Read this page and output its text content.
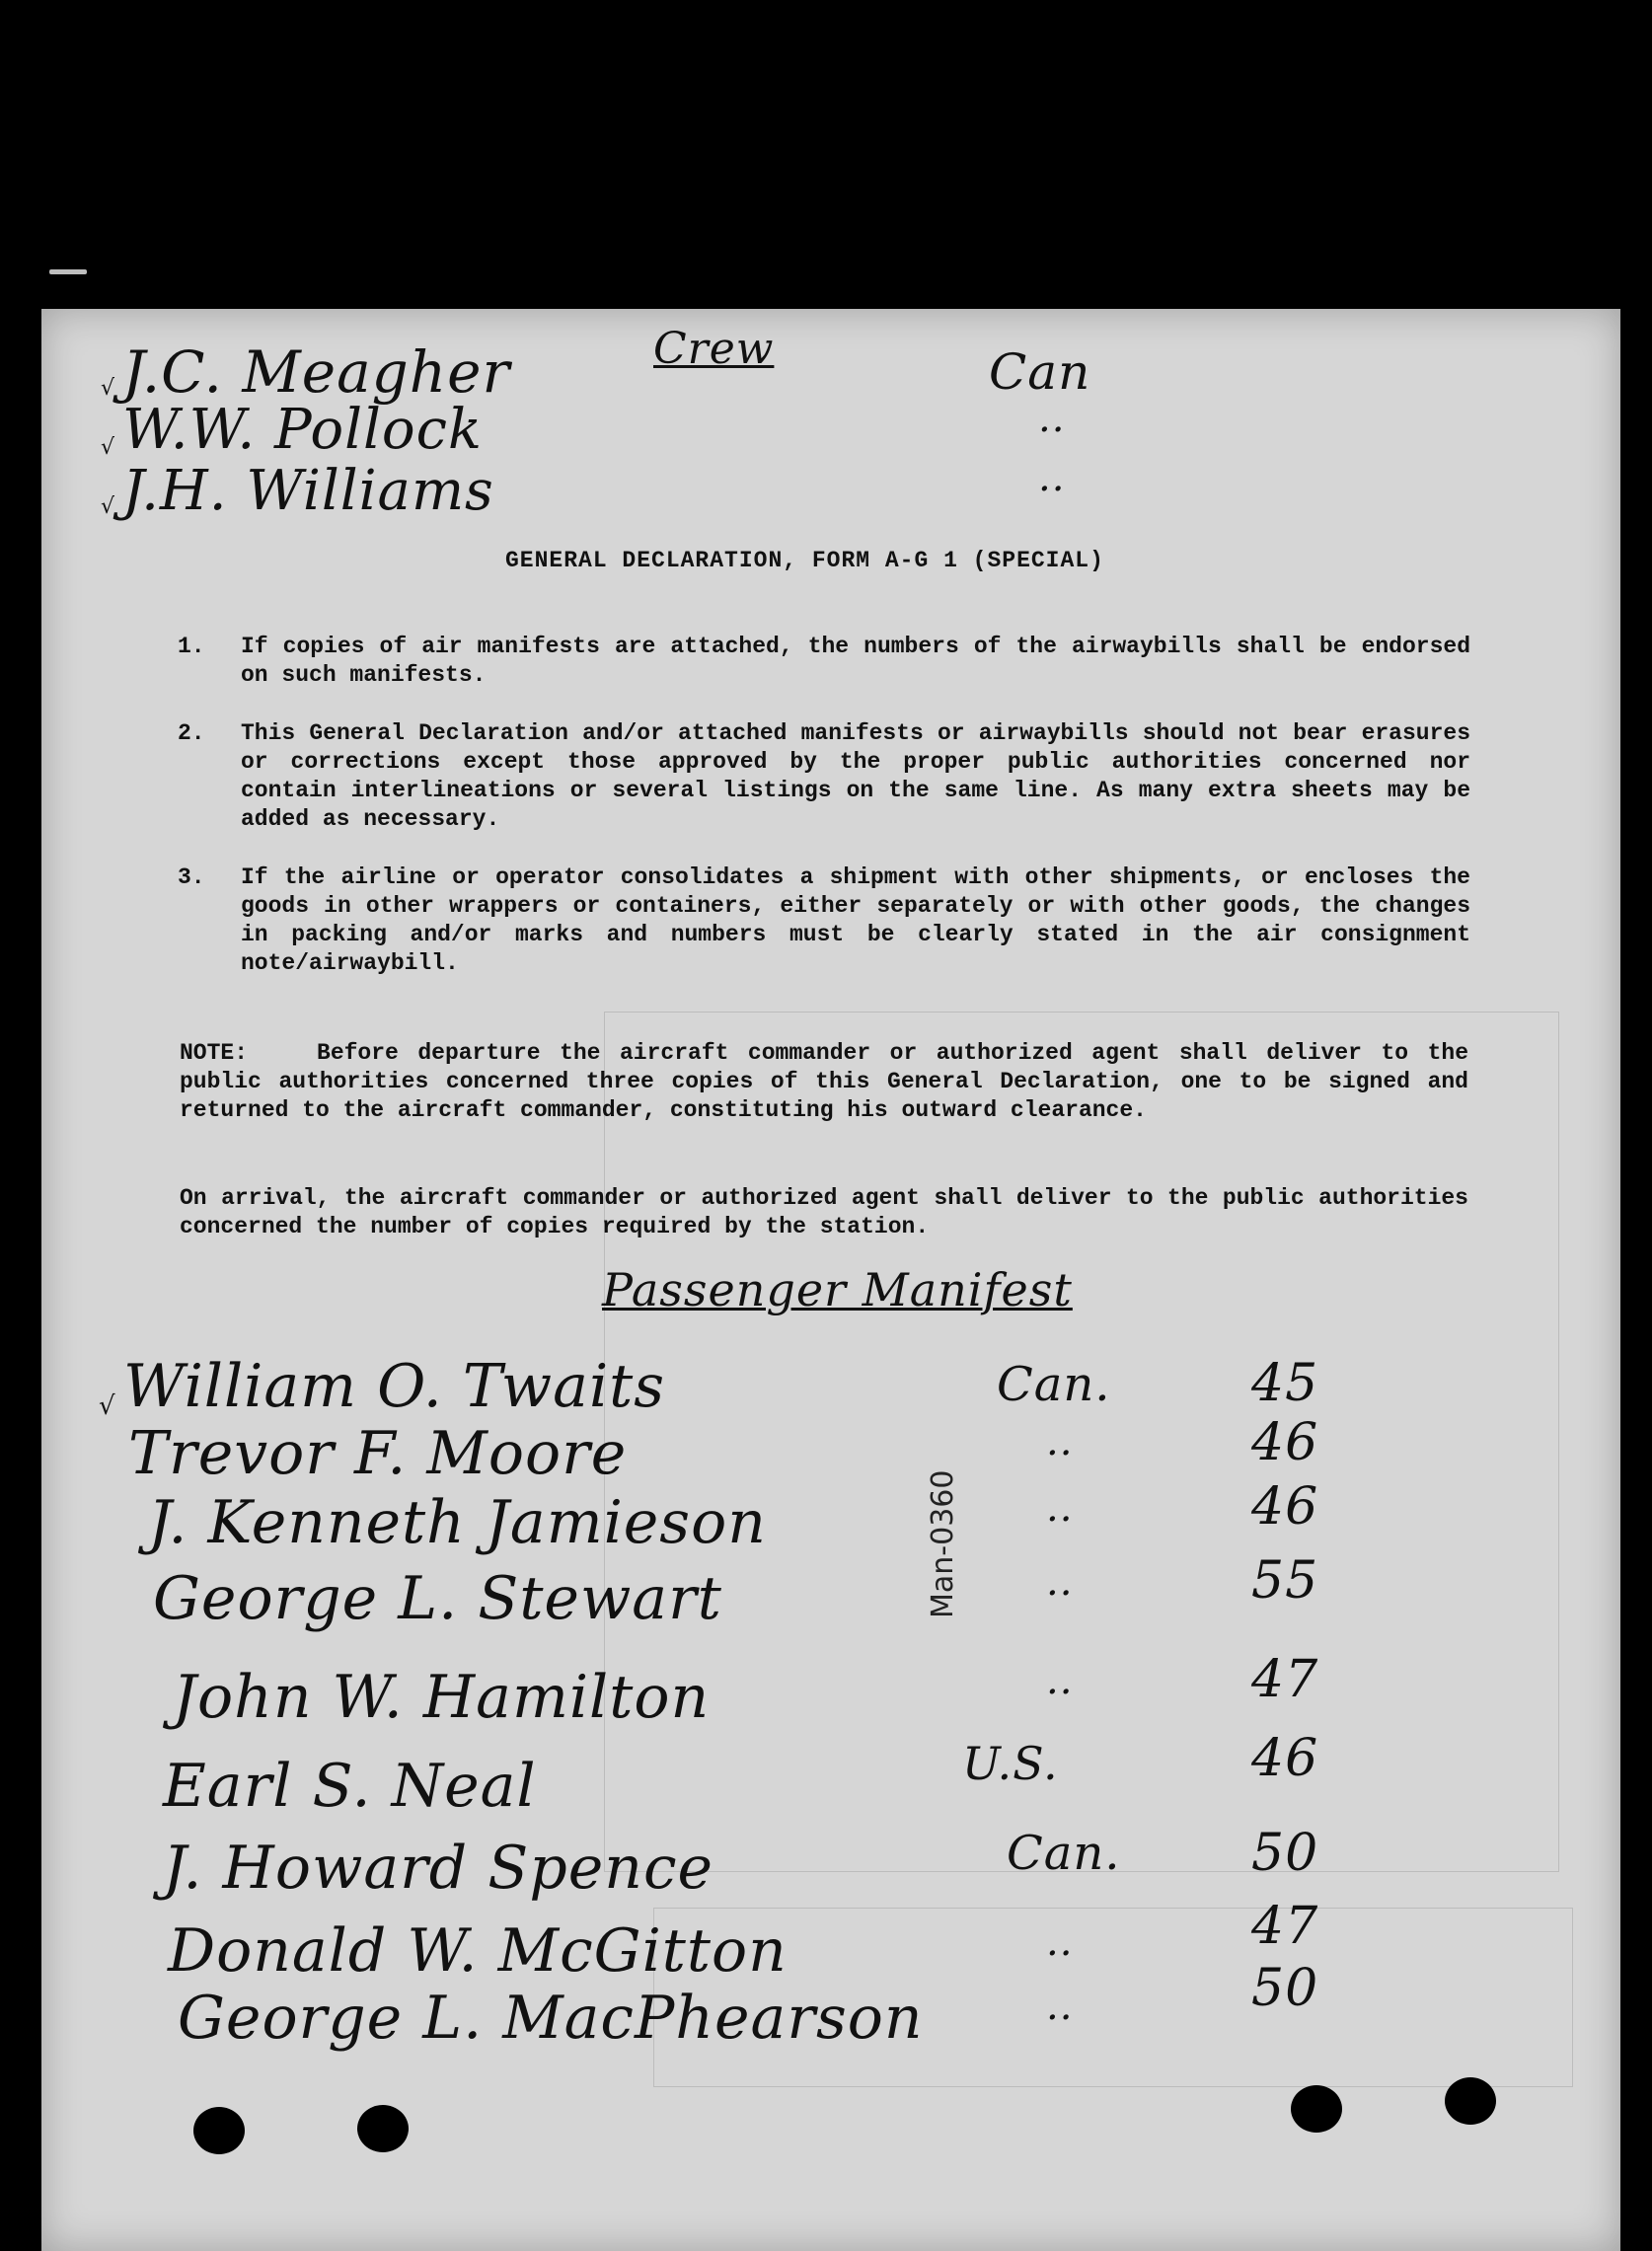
Crew
√ J.C. Meagher	Can
√ W.W. Pollock	..
√ J.H. Williams	..
GENERAL DECLARATION, FORM A-G 1 (SPECIAL)
1. If copies of air manifests are attached, the numbers of the airwaybills shall be endorsed on such manifests.
2. This General Declaration and/or attached manifests or airwaybills should not bear erasures or corrections except those approved by the proper public authorities concerned nor contain interlineations or several listings on the same line. As many extra sheets may be added as necessary.
3. If the airline or operator consolidates a shipment with other shipments, or encloses the goods in other wrappers or containers, either separately or with other goods, the changes in packing and/or marks and numbers must be clearly stated in the air consignment note/airwaybill.
NOTE:	Before departure the aircraft commander or authorized agent shall deliver to the public authorities concerned three copies of this General Declaration, one to be signed and returned to the aircraft commander, constituting his outward clearance.
On arrival, the aircraft commander or authorized agent shall deliver to the public authorities concerned the number of copies required by the station.
Passenger Manifest
Man-0360
√ William O. Twaits	Can.	45
Trevor F. Moore	..	46
J. Kenneth Jamieson	..	46
George L. Stewart	..	55
John W. Hamilton	..	47
Earl S. Neal	U.S.	46
J. Howard Spence	Can.	50
Donald W. McGitton	..	47
George L. MacPhearson	..	50
